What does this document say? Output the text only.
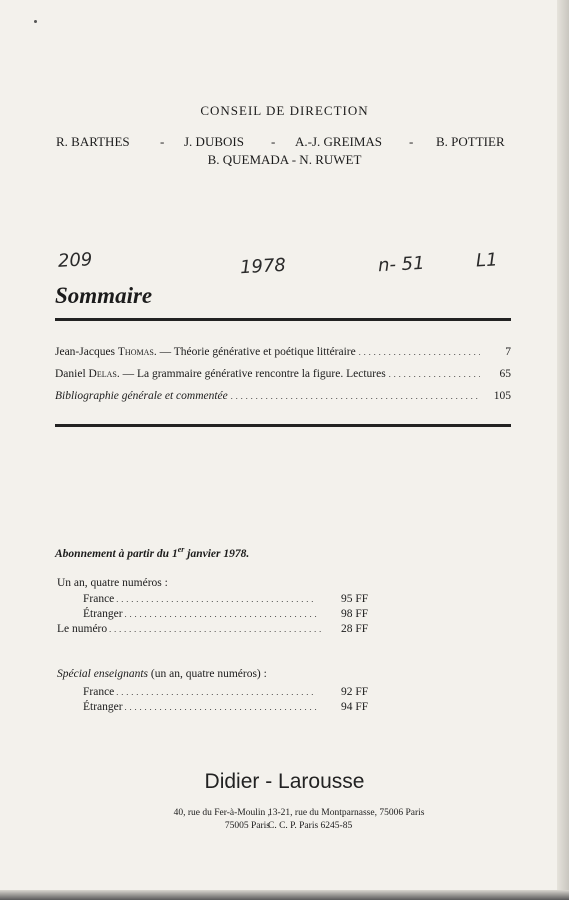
CONSEIL DE DIRECTION
R. BARTHES - J. DUBOIS - A.-J. GREIMAS - B. POTTIER
B. QUEMADA - N. RUWET
209	1978	n- 51	L1
Sommaire
Jean-Jacques Thomas. — Théorie générative et poétique littéraire . . .	7
Daniel Delas. — La grammaire générative rencontre la figure. Lectures . . .	65
Bibliographie générale et commentée . . .	105
Abonnement à partir du 1er janvier 1978.
Un an, quatre numéros :
France . . .	95 FF
Étranger . . .	98 FF
Le numéro . . .	28 FF
Spécial enseignants (un an, quatre numéros) :
France . . .	92 FF
Étranger . . .	94 FF
Didier - Larousse
40, rue du Fer-à-Moulin ,
75005 Paris
13-21, rue du Montparnasse, 75006 Paris
C. C. P. Paris 6245-85
